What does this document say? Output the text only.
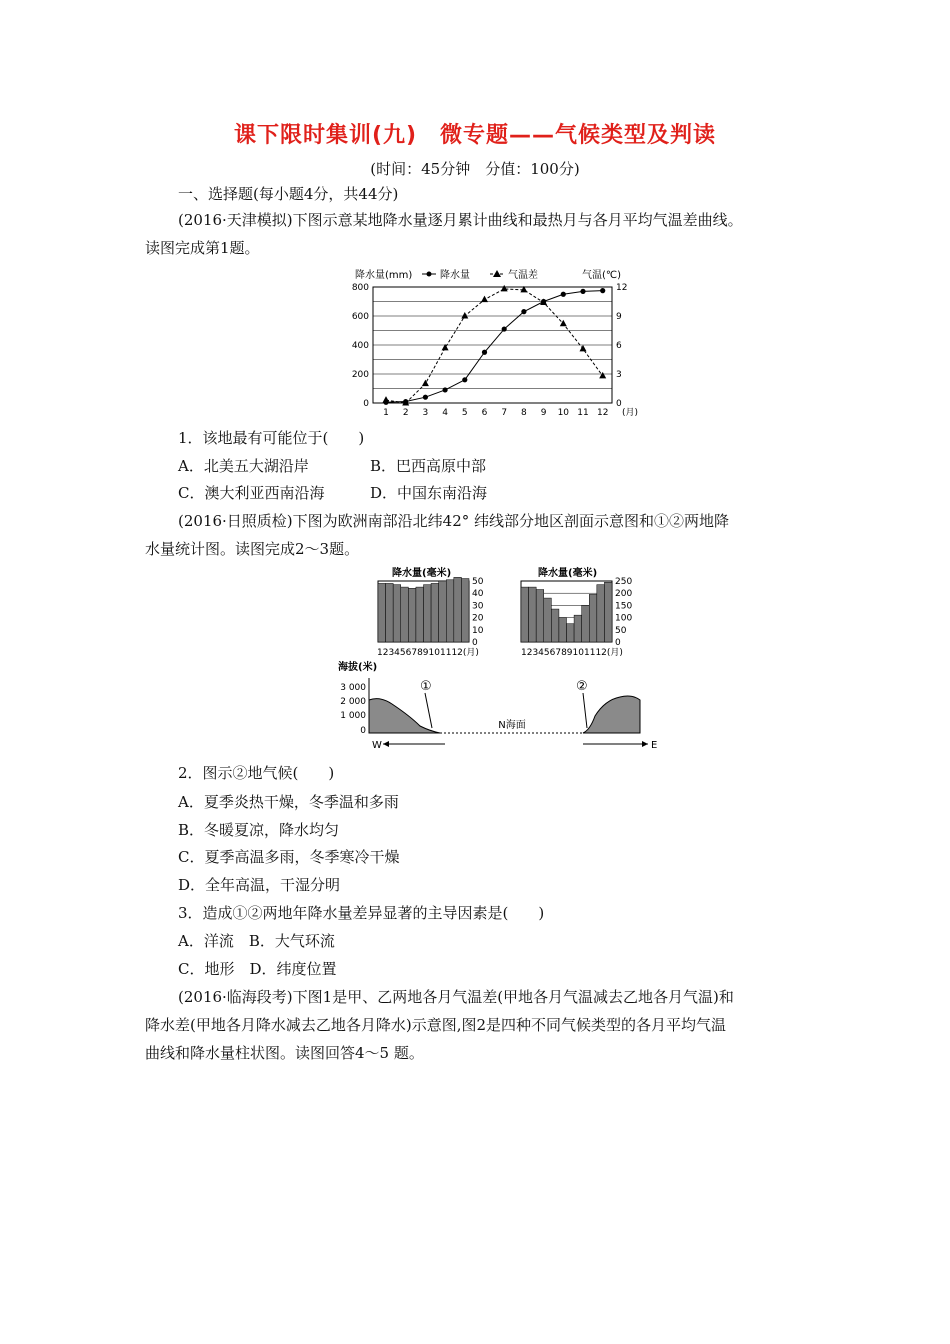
课下限时集训(九)　微专题——气候类型及判读
(时间：45分钟　分值：100分)
一、选择题(每小题4分，共44分)
(2016·天津模拟)下图示意某地降水量逐月累计曲线和最热月与各月平均气温差曲线。
读图完成第1题。
降水量(mm)	降水量	气温差	气温(℃)
0
200
400
600
800
0
3
6
9
12
1 2 3 4 5 6 7 8 9 10 11 12 (月)
1．该地最有可能位于(　　)
A．北美五大湖沿岸	B．巴西高原中部
C．澳大利亚西南沿海	D．中国东南沿海
(2016·日照质检)下图为欧洲南部沿北纬42° 纬线部分地区剖面示意图和①②两地降
水量统计图。读图完成2～3题。
降水量(毫米)	降水量(毫米)
50
40
30
20
10
0
250
200
150
100
50
0
123456789101112(月)	123456789101112(月)
海拔(米)
3 000
2 000
1 000
0	N海面
①	②
W	E
2．图示②地气候(　　)
A．夏季炎热干燥，冬季温和多雨
B．冬暖夏凉，降水均匀
C．夏季高温多雨，冬季寒冷干燥
D．全年高温，干湿分明
3．造成①②两地年降水量差异显著的主导因素是(　　)
A．洋流　B．大气环流
C．地形　D．纬度位置
(2016·临海段考)下图1是甲、乙两地各月气温差(甲地各月气温减去乙地各月气温)和
降水差(甲地各月降水减去乙地各月降水)示意图,图2是四种不同气候类型的各月平均气温
曲线和降水量柱状图。读图回答4～5 题。
